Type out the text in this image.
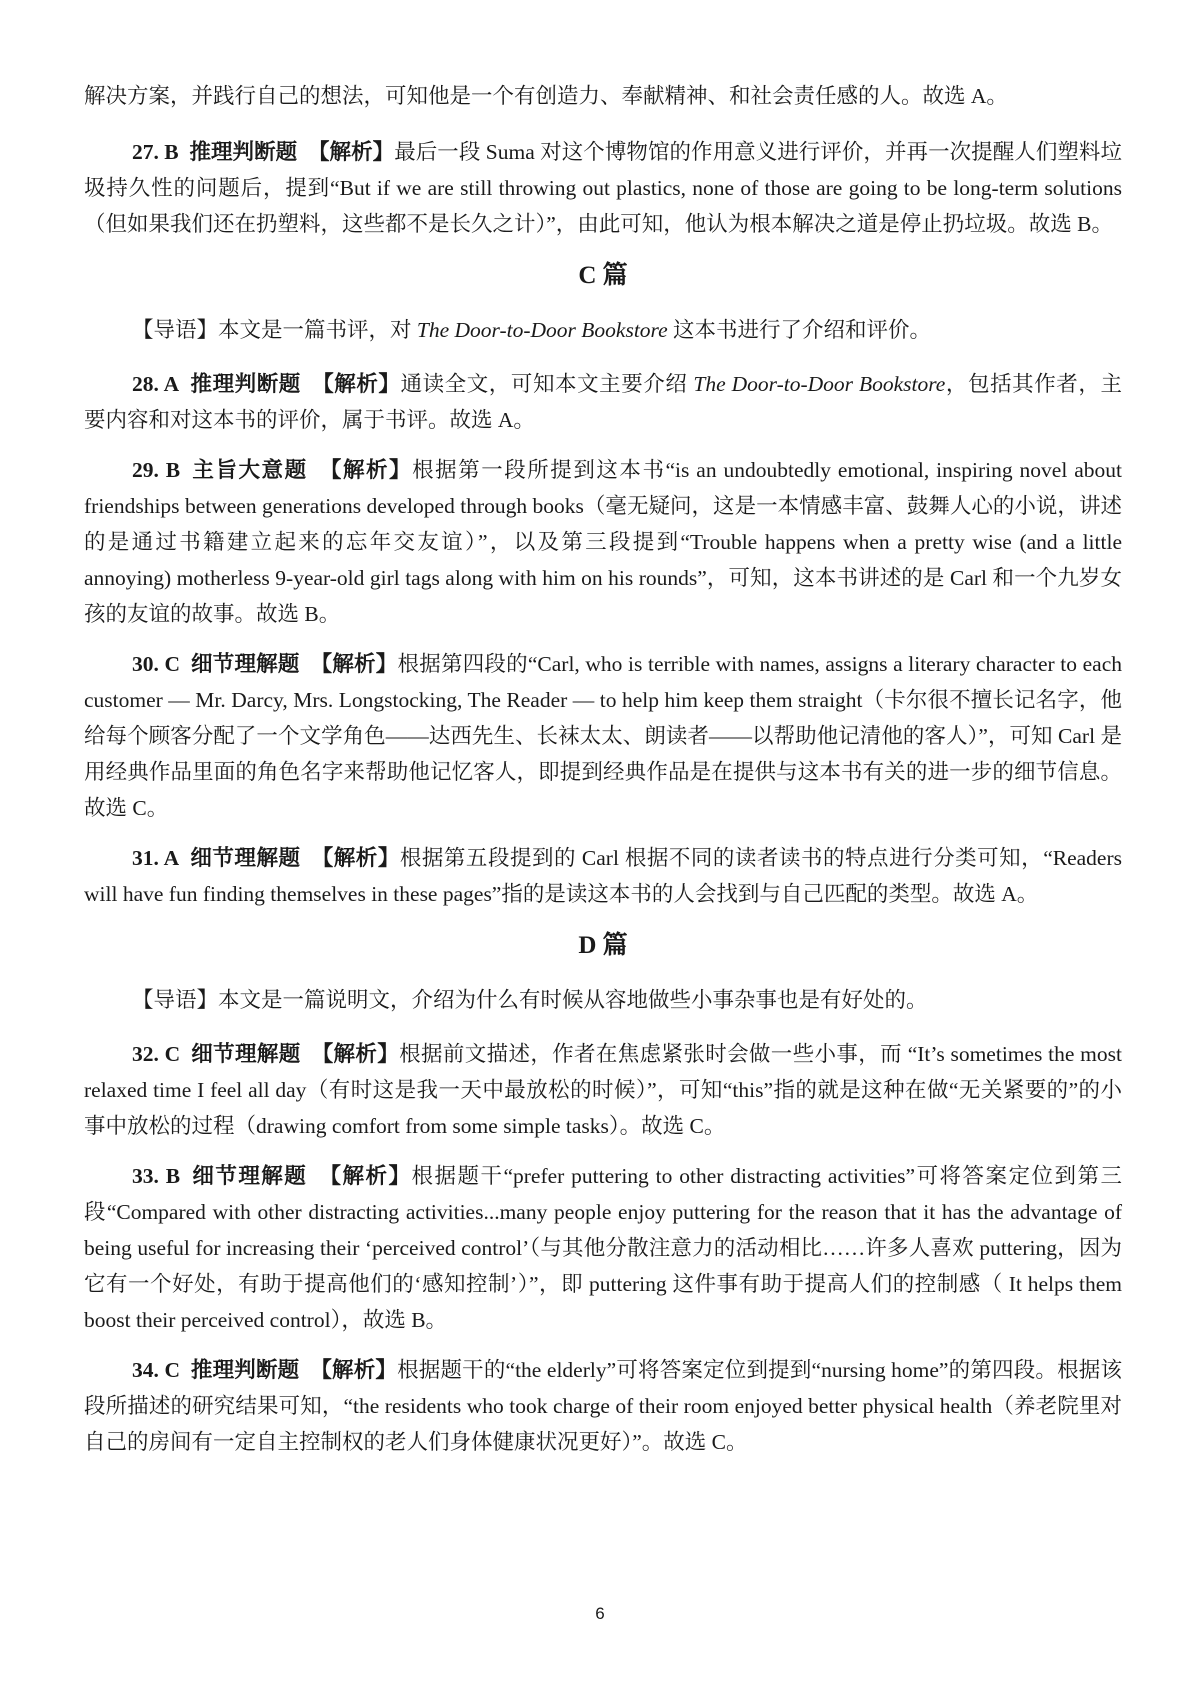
解决方案，并践行自己的想法，可知他是一个有创造力、奉献精神、和社会责任感的人。故选 A。

27. B  推理判断题  【解析】最后一段 Suma 对这个博物馆的作用意义进行评价，并再一次提醒人们塑料垃圾持久性的问题后，提到“But if we are still throwing out plastics, none of those are going to be long-term solutions （但如果我们还在扔塑料，这些都不是长久之计）”，由此可知，他认为根本解决之道是停止扔垃圾。故选 B。

C 篇

【导语】本文是一篇书评，对 The Door-to-Door Bookstore 这本书进行了介绍和评价。

28. A  推理判断题  【解析】通读全文，可知本文主要介绍 The Door-to-Door Bookstore，包括其作者，主要内容和对这本书的评价，属于书评。故选 A。

29. B  主旨大意题  【解析】根据第一段所提到这本书“is an undoubtedly emotional, inspiring novel about friendships between generations developed through books（毫无疑问，这是一本情感丰富、鼓舞人心的小说，讲述的是通过书籍建立起来的忘年交友谊）”，以及第三段提到“Trouble happens when a pretty wise (and a little annoying) motherless 9-year-old girl tags along with him on his rounds”，可知，这本书讲述的是 Carl 和一个九岁女孩的友谊的故事。故选 B。

30. C  细节理解题  【解析】根据第四段的“Carl, who is terrible with names, assigns a literary character to each customer — Mr. Darcy, Mrs. Longstocking, The Reader — to help him keep them straight（卡尔很不擅长记名字，他给每个顾客分配了一个文学角色——达西先生、长袜太太、朗读者——以帮助他记清他的客人）”，可知 Carl 是用经典作品里面的角色名字来帮助他记忆客人，即提到经典作品是在提供与这本书有关的进一步的细节信息。故选 C。

31. A  细节理解题  【解析】根据第五段提到的 Carl 根据不同的读者读书的特点进行分类可知，“Readers will have fun finding themselves in these pages”指的是读这本书的人会找到与自己匹配的类型。故选 A。

D 篇

【导语】本文是一篇说明文，介绍为什么有时候从容地做些小事杂事也是有好处的。

32. C  细节理解题  【解析】根据前文描述，作者在焦虑紧张时会做一些小事，而 “It’s sometimes the most relaxed time I feel all day（有时这是我一天中最放松的时候）”，可知“this”指的就是这种在做“无关紧要的”的小事中放松的过程（drawing comfort from some simple tasks）。故选 C。

33. B  细节理解题  【解析】根据题干“prefer puttering to other distracting activities”可将答案定位到第三段“Compared with other distracting activities...many people enjoy puttering for the reason that it has the advantage of being useful for increasing their ‘perceived control’（与其他分散注意力的活动相比……许多人喜欢 puttering，因为它有一个好处，有助于提高他们的‘感知控制’）”，即 puttering 这件事有助于提高人们的控制感（ It helps them boost their perceived control），故选 B。

34. C  推理判断题  【解析】根据题干的“the elderly”可将答案定位到提到“nursing home”的第四段。根据该段所描述的研究结果可知，“the residents who took charge of their room enjoyed better physical health（养老院里对自己的房间有一定自主控制权的老人们身体健康状况更好）”。故选 C。

6
